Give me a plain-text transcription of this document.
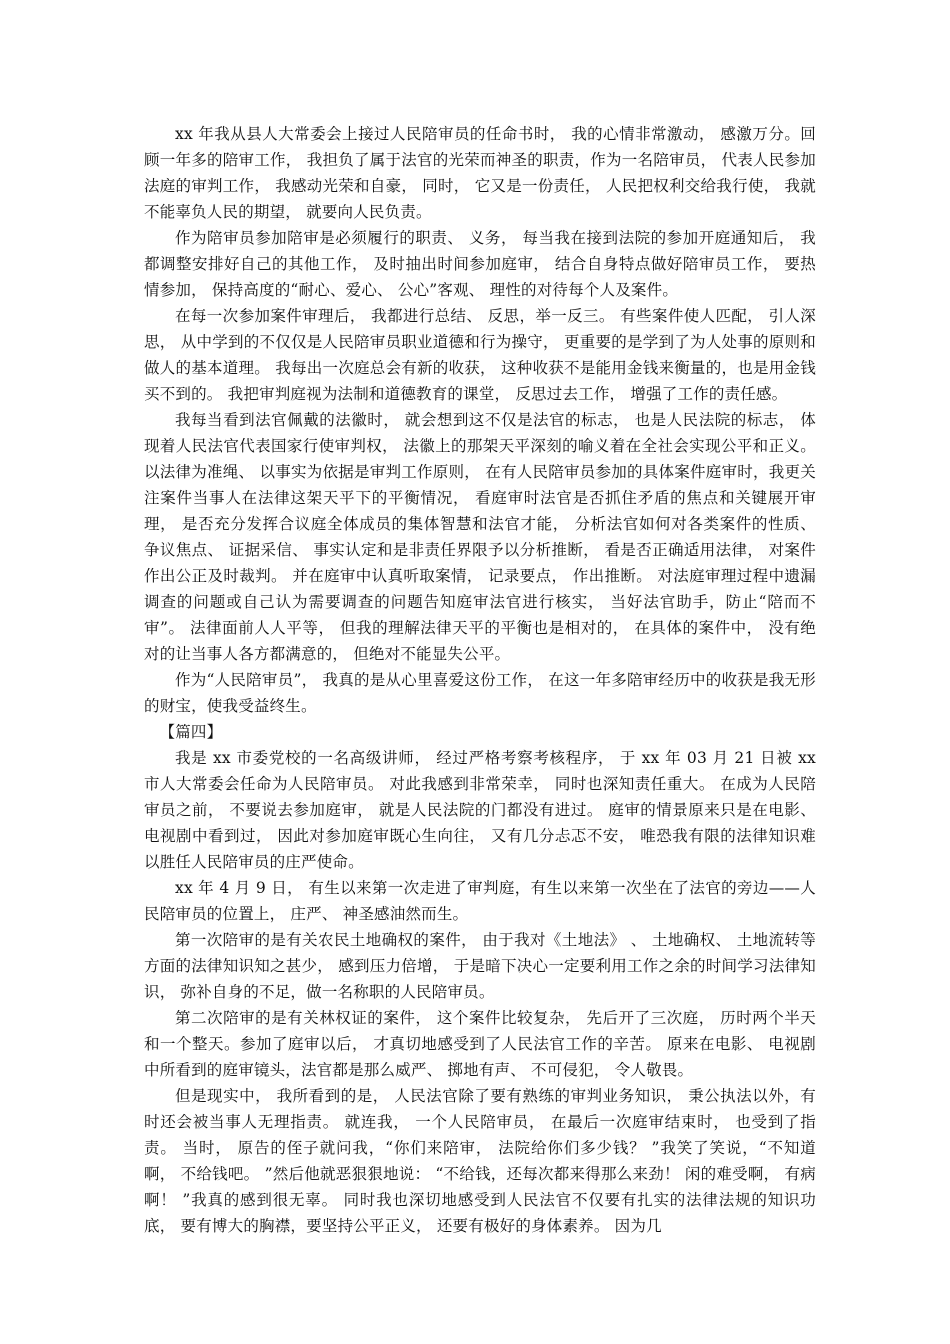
xx 年我从县人大常委会上接过人民陪审员的任命书时， 我的心情非常激动， 感激万分。回顾一年多的陪审工作， 我担负了属于法官的光荣而神圣的职责，作为一名陪审员， 代表人民参加法庭的审判工作， 我感动光荣和自豪， 同时， 它又是一份责任， 人民把权利交给我行使， 我就不能辜负人民的期望， 就要向人民负责。

作为陪审员参加陪审是必须履行的职责、 义务， 每当我在接到法院的参加开庭通知后， 我都调整安排好自己的其他工作， 及时抽出时间参加庭审， 结合自身特点做好陪审员工作， 要热情参加， 保持高度的“耐心、爱心、 公心”客观、 理性的对待每个人及案件。

在每一次参加案件审理后， 我都进行总结、 反思，举一反三。 有些案件使人匹配， 引人深思， 从中学到的不仅仅是人民陪审员职业道德和行为操守， 更重要的是学到了为人处事的原则和做人的基本道理。 我每出一次庭总会有新的收获， 这种收获不是能用金钱来衡量的，也是用金钱买不到的。 我把审判庭视为法制和道德教育的课堂， 反思过去工作， 增强了工作的责任感。

我每当看到法官佩戴的法徽时， 就会想到这不仅是法官的标志， 也是人民法院的标志， 体现着人民法官代表国家行使审判权， 法徽上的那架天平深刻的喻义着在全社会实现公平和正义。 以法律为准绳、 以事实为依据是审判工作原则， 在有人民陪审员参加的具体案件庭审时，我更关注案件当事人在法律这架天平下的平衡情况， 看庭审时法官是否抓住矛盾的焦点和关键展开审理， 是否充分发挥合议庭全体成员的集体智慧和法官才能， 分析法官如何对各类案件的性质、 争议焦点、 证据采信、 事实认定和是非责任界限予以分析推断， 看是否正确适用法律， 对案件作出公正及时裁判。 并在庭审中认真听取案情， 记录要点， 作出推断。 对法庭审理过程中遗漏调查的问题或自己认为需要调查的问题告知庭审法官进行核实， 当好法官助手，防止“陪而不审”。 法律面前人人平等， 但我的理解法律天平的平衡也是相对的， 在具体的案件中， 没有绝对的让当事人各方都满意的， 但绝对不能显失公平。

作为“人民陪审员”， 我真的是从心里喜爱这份工作， 在这一年多陪审经历中的收获是我无形的财宝，使我受益终生。

【篇四】

我是 xx 市委党校的一名高级讲师， 经过严格考察考核程序， 于 xx 年 03 月 21 日被 xx 市人大常委会任命为人民陪审员。 对此我感到非常荣幸， 同时也深知责任重大。 在成为人民陪审员之前， 不要说去参加庭审， 就是人民法院的门都没有进过。 庭审的情景原来只是在电影、 电视剧中看到过， 因此对参加庭审既心生向往， 又有几分忐忑不安， 唯恐我有限的法律知识难以胜任人民陪审员的庄严使命。

xx 年 4 月 9 日， 有生以来第一次走进了审判庭，有生以来第一次坐在了法官的旁边——人民陪审员的位置上， 庄严、 神圣感油然而生。

第一次陪审的是有关农民土地确权的案件， 由于我对《土地法》 、 土地确权、 土地流转等方面的法律知识知之甚少， 感到压力倍增， 于是暗下决心一定要利用工作之余的时间学习法律知识， 弥补自身的不足，做一名称职的人民陪审员。

第二次陪审的是有关林权证的案件， 这个案件比较复杂， 先后开了三次庭， 历时两个半天和一个整天。参加了庭审以后， 才真切地感受到了人民法官工作的辛苦。 原来在电影、 电视剧中所看到的庭审镜头，法官都是那么威严、 掷地有声、 不可侵犯， 令人敬畏。

但是现实中， 我所看到的是， 人民法官除了要有熟练的审判业务知识， 秉公执法以外，有时还会被当事人无理指责。 就连我， 一个人民陪审员， 在最后一次庭审结束时， 也受到了指责。 当时， 原告的侄子就问我，“你们来陪审， 法院给你们多少钱？ ”我笑了笑说，“不知道啊， 不给钱吧。 ”然后他就恶狠狠地说： “不给钱，还每次都来得那么来劲！ 闲的难受啊， 有病啊！ ”我真的感到很无辜。 同时我也深切地感受到人民法官不仅要有扎实的法律法规的知识功底， 要有博大的胸襟，要坚持公平正义， 还要有极好的身体素养。 因为几
